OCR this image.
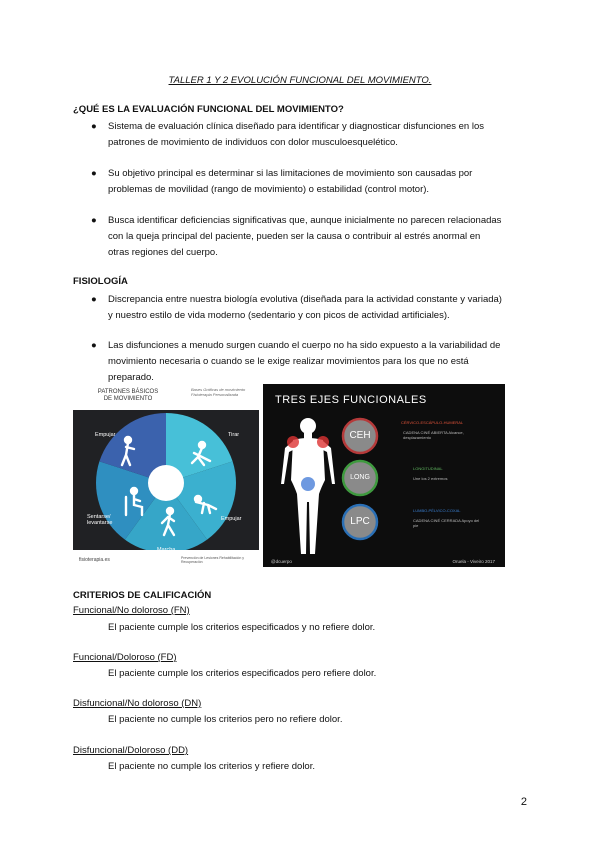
TALLER 1 Y 2 EVOLUCIÓN FUNCIONAL DEL MOVIMIENTO.
¿QUÉ ES LA EVALUACIÓN FUNCIONAL DEL MOVIMIENTO?
● Sistema de evaluación clínica diseñado para identificar y diagnosticar disfunciones en los
patrones de movimiento de individuos con dolor musculoesquelético.
● Su objetivo principal es determinar si las limitaciones de movimiento son causadas por
problemas de movilidad (rango de movimiento) o estabilidad (control motor).
● Busca identificar deficiencias significativas que, aunque inicialmente no parecen relacionadas
con la queja principal del paciente, pueden ser la causa o contribuir al estrés anormal en
otras regiones del cuerpo.
FISIOLOGÍA
● Discrepancia entre nuestra biología evolutiva (diseñada para la actividad constante y variada)
y nuestro estilo de vida moderno (sedentario y con picos de actividad artificiales).
● Las disfunciones a menudo surgen cuando el cuerpo no ha sido expuesto a la variabilidad de
movimiento necesaria o cuando se le exige realizar movimientos para los que no está
preparado.
PATRONES BÁSICOS DE MOVIMIENTO
Bases Gráficas de movimiento Fisioterapia Personalizada
Empujar	Tirar
Empujar
Sentarse/ levantarse
fisioterapia.es	Prevención de Lesiones Rehabilitación y Recuperación
TRES EJES FUNCIONALES
CEH
LONG
LPC
CÉRVICO-ESCÁPULO-HUMERAL
CADENA CINÉ ABIERTA Alcance, desplazamiento
LONGITUDINAL
Une los 2 extremos
LUMBO-PÉLVICO-COXAL
CADENA CINÉ CERRADA Apoyo del pie
@dcuerpo	Oruela - Viveiro 2017
CRITERIOS DE CALIFICACIÓN
Funcional/No doloroso (FN)
El paciente cumple los criterios especificados y no refiere dolor.
Funcional/Doloroso (FD)
El paciente cumple los criterios especificados pero refiere dolor.
Disfuncional/No doloroso (DN)
El paciente no cumple los criterios pero no refiere dolor.
Disfuncional/Doloroso (DD)
El paciente no cumple los criterios y refiere dolor.
2
